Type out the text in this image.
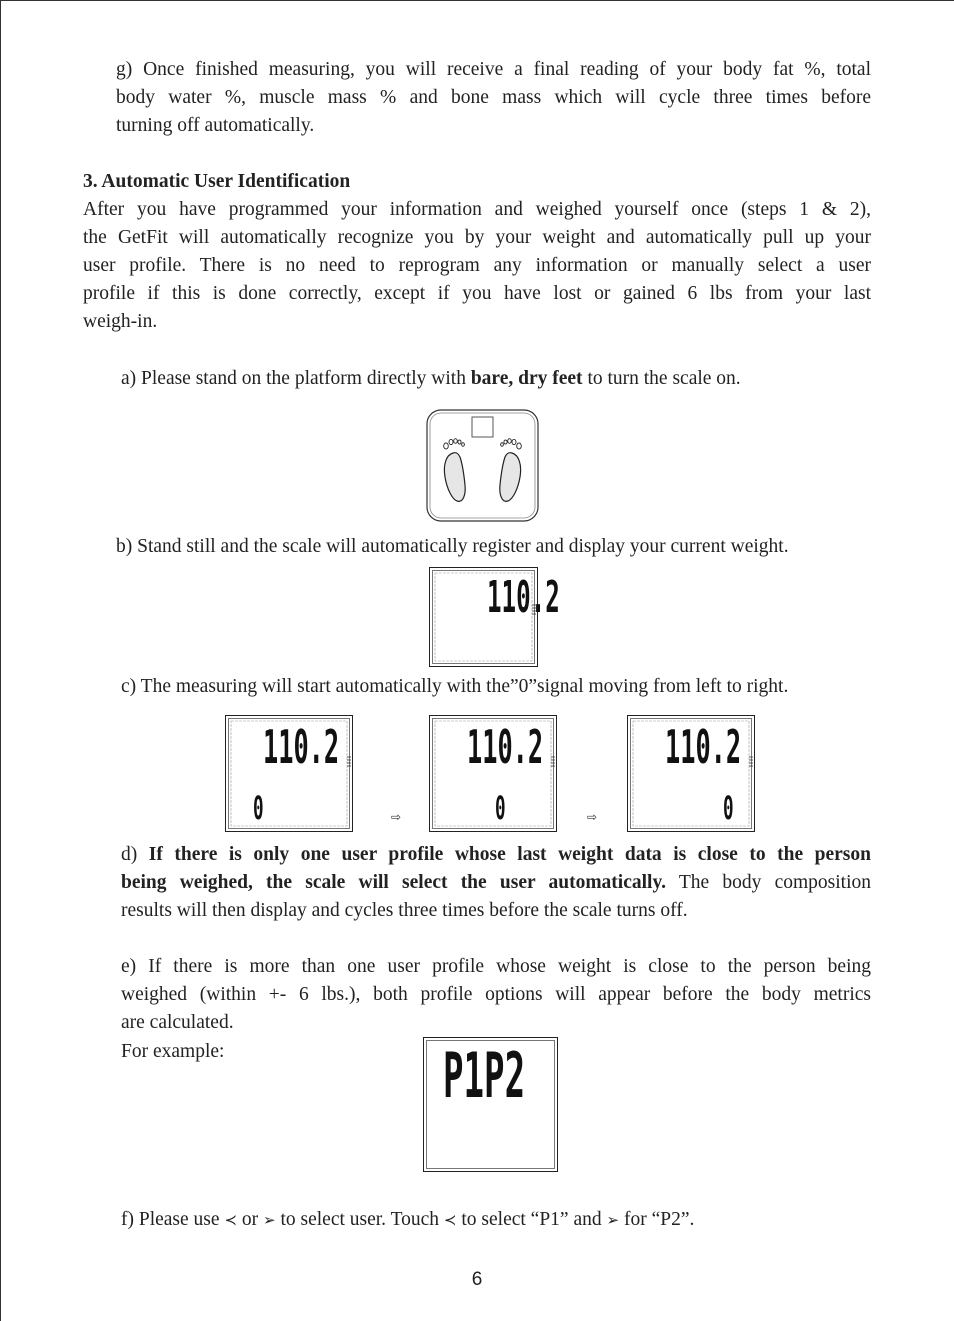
g) Once finished measuring, you will receive a final reading of your body fat %, total
body water %, muscle mass % and bone mass which will cycle three times before
turning off automatically.
3. Automatic User Identification
After you have programmed your information and weighed yourself once (steps 1 & 2),
the GetFit will automatically recognize you by your weight and automatically pull up your
user profile. There is no need to reprogram any information or manually select a user
profile if this is done correctly, except if you have lost or gained 6 lbs from your last
weigh-in.
a) Please stand on the platform directly with bare, dry feet to turn the scale on.
b) Stand still and the scale will automatically register and display your current weight.
110.2
c) The measuring will start automatically with the”0”signal moving from left to right.
110.2
0	⇨
110.2
0	⇨
110.2
0
d) If there is only one user profile whose last weight data is close to the person
being weighed, the scale will select the user automatically. The body composition
results will then display and cycles three times before the scale turns off.
e) If there is more than one user profile whose weight is close to the person being
weighed (within +- 6 lbs.), both profile options will appear before the body metrics
are calculated.
For example:	P1P2
f) Please use ≺ or ➢ to select user. Touch ≺ to select “P1” and ➢ for “P2”.
6
